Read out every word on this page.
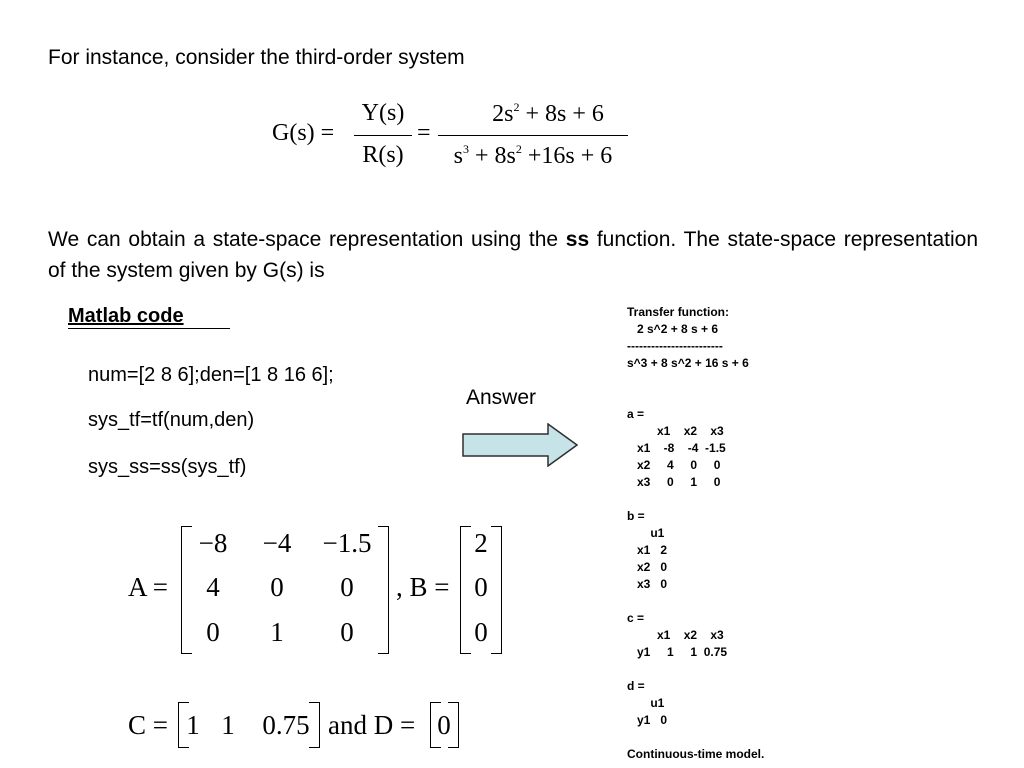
For instance, consider the third-order system
G(s) =
Y(s)
R(s)
=
$2s^2 + 8s + 6$
$s^3 + 8s^2 +16s + 6$
We can obtain a state-space representation using the ss function. The state-space representation of the system given by G(s) is
Matlab code
num=[2 8 6];den=[1 8 16 6];
sys_tf=tf(num,den)
sys_ss=ss(sys_tf)
Answer
Transfer function:
2 s^2 + 8 s + 6
------------------------
s^3 + 8 s^2 + 16 s + 6
a =
x1    x2    x3
x1    -8    -4  -1.5
x2     4     0     0
x3     0     1     0
b =
u1
x1   2
x2   0
x3   0
c =
x1    x2    x3
y1     1     1  0.75
d =
u1
y1   0
Continuous-time model.
A =
−8	−4	−1.5
4	0	0
0	1	0
, B =
2
0
0
C = 1 1 0.75 and D = 0
